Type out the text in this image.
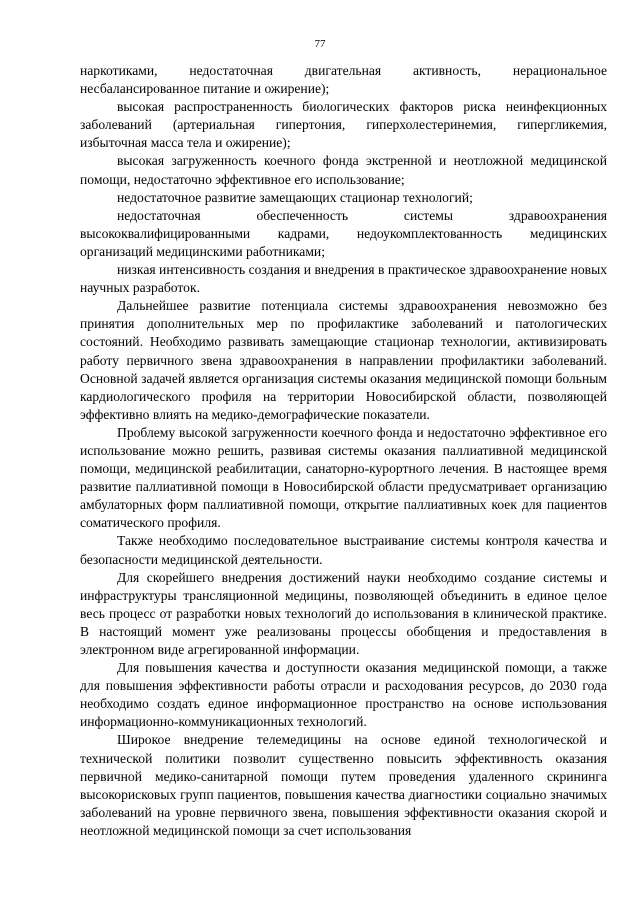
77

наркотиками, недостаточная двигательная активность, нерациональное несбалансированное питание и ожирение);

высокая распространенность биологических факторов риска неинфекционных заболеваний (артериальная гипертония, гиперхолестеринемия, гипергликемия, избыточная масса тела и ожирение);

высокая загруженность коечного фонда экстренной и неотложной медицинской помощи, недостаточно эффективное его использование;

недостаточное развитие замещающих стационар технологий;

недостаточная обеспеченность системы здравоохранения высококвалифицированными кадрами, недоукомплектованность медицинских организаций медицинскими работниками;

низкая интенсивность создания и внедрения в практическое здравоохранение новых научных разработок.

Дальнейшее развитие потенциала системы здравоохранения невозможно без принятия дополнительных мер по профилактике заболеваний и патологических состояний. Необходимо развивать замещающие стационар технологии, активизировать работу первичного звена здравоохранения в направлении профилактики заболеваний. Основной задачей является организация системы оказания медицинской помощи больным кардиологического профиля на территории Новосибирской области, позволяющей эффективно влиять на медико-демографические показатели.

Проблему высокой загруженности коечного фонда и недостаточно эффективное его использование можно решить, развивая системы оказания паллиативной медицинской помощи, медицинской реабилитации, санаторно-курортного лечения. В настоящее время развитие паллиативной помощи в Новосибирской области предусматривает организацию амбулаторных форм паллиативной помощи, открытие паллиативных коек для пациентов соматического профиля.

Также необходимо последовательное выстраивание системы контроля качества и безопасности медицинской деятельности.

Для скорейшего внедрения достижений науки необходимо создание системы и инфраструктуры трансляционной медицины, позволяющей объединить в единое целое весь процесс от разработки новых технологий до использования в клинической практике. В настоящий момент уже реализованы процессы обобщения и предоставления в электронном виде агрегированной информации.

Для повышения качества и доступности оказания медицинской помощи, а также для повышения эффективности работы отрасли и расходования ресурсов, до 2030 года необходимо создать единое информационное пространство на основе использования информационно-коммуникационных технологий.

Широкое внедрение телемедицины на основе единой технологической и технической политики позволит существенно повысить эффективность оказания первичной медико-санитарной помощи путем проведения удаленного скрининга высокорисковых групп пациентов, повышения качества диагностики социально значимых заболеваний на уровне первичного звена, повышения эффективности оказания скорой и неотложной медицинской помощи за счет использования
